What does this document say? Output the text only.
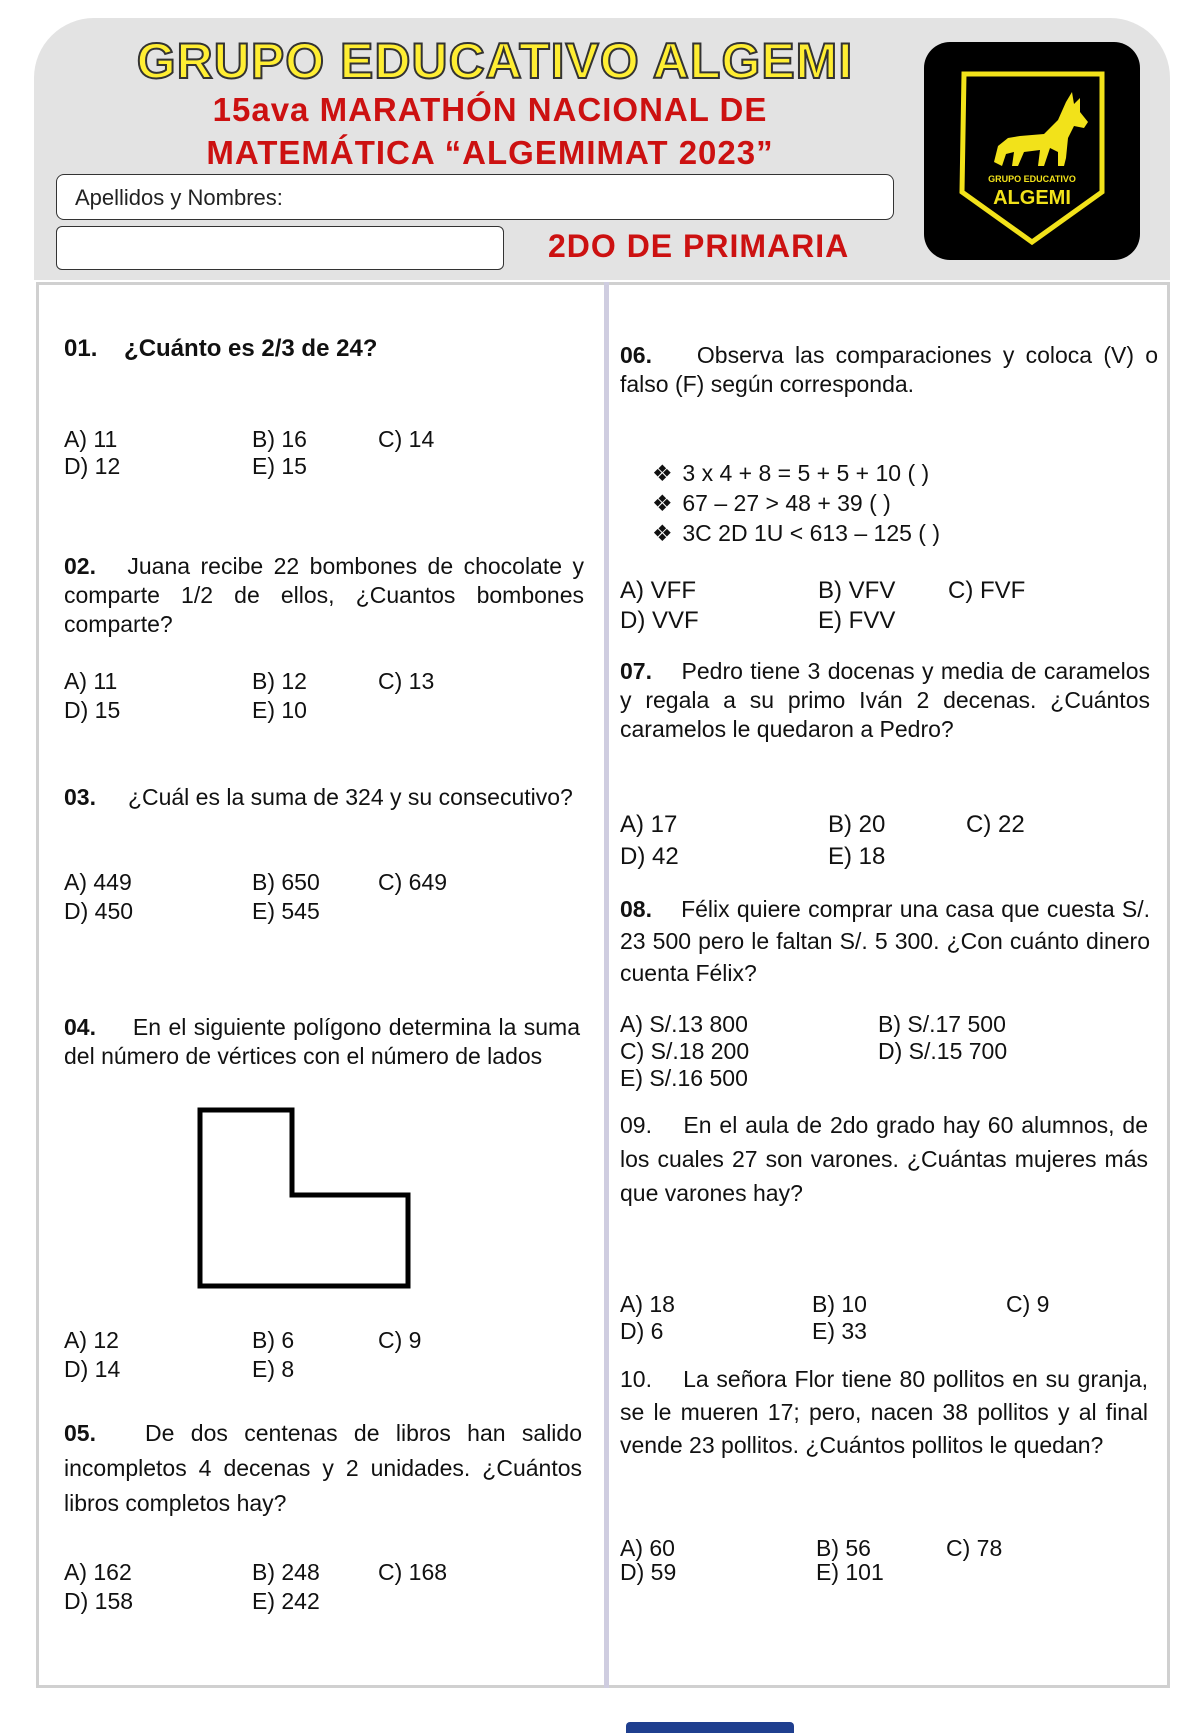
GRUPO EDUCATIVO ALGEMI
15ava MARATHÓN NACIONAL DE
MATEMÁTICA “ALGEMIMAT 2023”
Apellidos y Nombres:
2DO DE PRIMARIA
GRUPO EDUCATIVO
ALGEMI
01. ¿Cuánto es 2/3 de 24?
A) 11	B) 16	C) 14
D) 12	E) 15
02. Juana recibe 22 bombones de chocolate y comparte 1/2 de ellos, ¿Cuantos bombones comparte?
A) 11	B) 12	C) 13
D) 15	E) 10
03. ¿Cuál es la suma de 324 y su consecutivo?
A) 449	B) 650	C) 649
D) 450	E) 545
04. En el siguiente polígono determina la suma del número de vértices con el número de lados
A) 12	B) 6	C) 9
D) 14	E) 8
05. De dos centenas de libros han salido incompletos 4 decenas y 2 unidades. ¿Cuántos libros completos hay?
A) 162	B) 248	C) 168
D) 158	E) 242
06. Observa las comparaciones y coloca (V) o falso (F) según corresponda.
❖ 3 x 4 + 8 = 5 + 5 + 10 ( )
❖ 67 – 27 > 48 + 39 ( )
❖ 3C 2D 1U < 613 – 125 ( )
A) VFF	B) VFV C) FVF
D) VVF	E) FVV
07. Pedro tiene 3 docenas y media de caramelos y regala a su primo Iván 2 decenas. ¿Cuántos caramelos le quedaron a Pedro?
A) 17	B) 20	C) 22
D) 42	E) 18
08. Félix quiere comprar una casa que cuesta S/. 23 500 pero le faltan S/. 5 300. ¿Con cuánto dinero cuenta Félix?
A) S/.13 800	B) S/.17 500
C) S/.18 200	D) S/.15 700
E) S/.16 500
09. En el aula de 2do grado hay 60 alumnos, de los cuales 27 son varones. ¿Cuántas mujeres más que varones hay?
A) 18	B) 10	C) 9
D) 6	E) 33
10. La señora Flor tiene 80 pollitos en su granja, se le mueren 17; pero, nacen 38 pollitos y al final vende 23 pollitos. ¿Cuántos pollitos le quedan?
A) 60	B) 56	C) 78
D) 59	E) 101
